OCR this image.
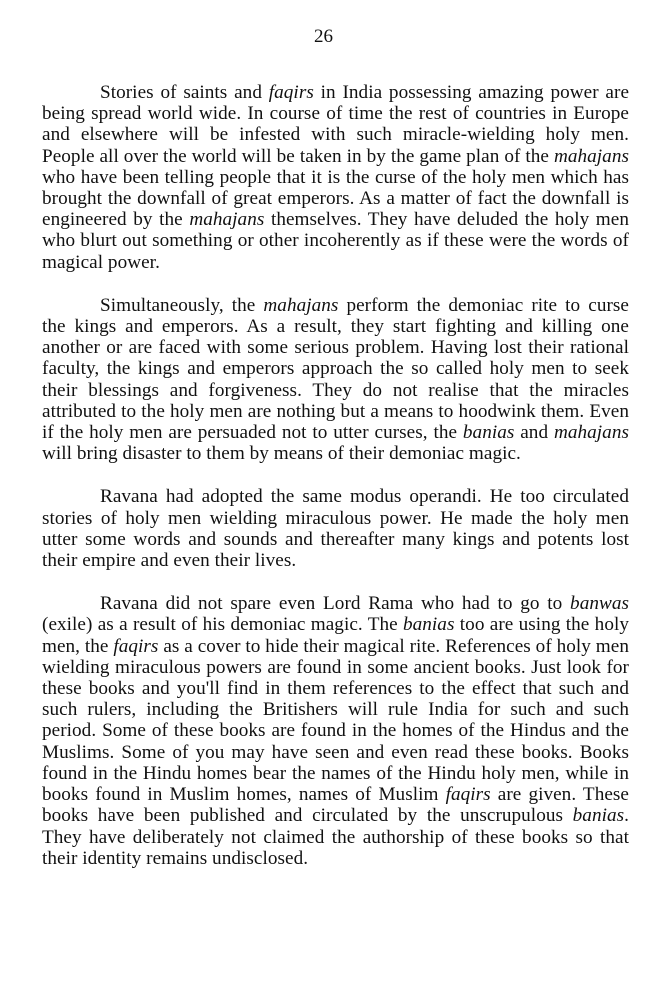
26

Stories of saints and faqirs in India possessing amazing power are being spread world wide. In course of time the rest of countries in Europe and elsewhere will be infested with such miracle-wielding holy men. People all over the world will be taken in by the game plan of the mahajans who have been telling people that it is the curse of the holy men which has brought the downfall of great emperors. As a matter of fact the downfall is engineered by the mahajans themselves. They have deluded the holy men who blurt out something or other incoherently as if these were the words of magical power.

Simultaneously, the mahajans perform the demoniac rite to curse the kings and emperors. As a result, they start fighting and killing one another or are faced with some serious problem. Having lost their rational faculty, the kings and emperors approach the so called holy men to seek their blessings and forgiveness. They do not realise that the miracles attributed to the holy men are nothing but a means to hoodwink them. Even if the holy men are persuaded not to utter curses, the banias and mahajans will bring disaster to them by means of their demoniac magic.

Ravana had adopted the same modus operandi. He too circulated stories of holy men wielding miraculous power. He made the holy men utter some words and sounds and thereafter many kings and potents lost their empire and even their lives.

Ravana did not spare even Lord Rama who had to go to banwas (exile) as a result of his demoniac magic. The banias too are using the holy men, the faqirs as a cover to hide their magical rite. References of holy men wielding miraculous powers are found in some ancient books. Just look for these books and you'll find in them references to the effect that such and such rulers, including the Britishers will rule India for such and such period. Some of these books are found in the homes of the Hindus and the Muslims. Some of you may have seen and even read these books. Books found in the Hindu homes bear the names of the Hindu holy men, while in books found in Muslim homes, names of Muslim faqirs are given. These books have been published and circulated by the unscrupulous banias. They have deliberately not claimed the authorship of these books so that their identity remains undisclosed.
